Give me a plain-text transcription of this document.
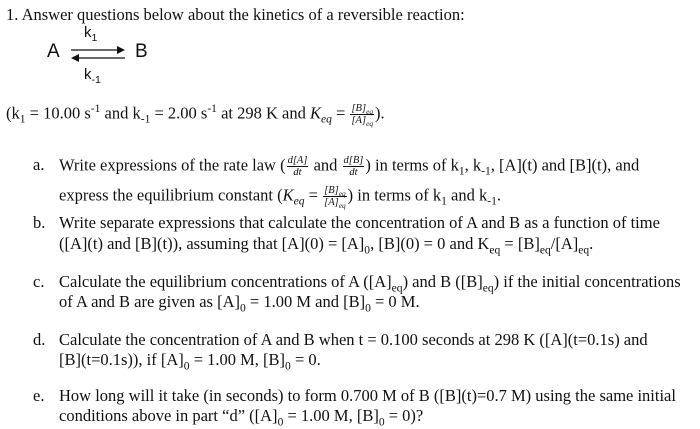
1. Answer questions below about the kinetics of a reversible reaction:
A
$k_1$
⇌ B
$k_{-1}$
($k_1 = 10.00$ $s^{-1}$ and $k_{-1} = 2.00$ $s^{-1}$ at 298 K and $K_{eq} = \frac{[B]_{eq}}{[A]_{eq}}$ ).
a. Write expressions of the rate law ( $\frac{d[A]}{dt}$ and $\frac{d[B]}{dt}$ ) in terms of $k_1$, $k_{-1}$, [A](t) and [B](t), and
express the equilibrium constant ($K_{eq} = \frac{[B]_{eq}}{[A]_{eq}}$ ) in terms of $k_1$ and $k_{-1}$.
b. Write separate expressions that calculate the concentration of A and B as a function of time
([A](t) and [B](t)), assuming that $[A](0) = [A]_0$, [B](0) = 0 and $K_{eq} = [B]_{eq}/[A]_{eq}$.
c. Calculate the equilibrium concentrations of A $([A]_{eq})$ and B $([B]_{eq})$ if the initial concentrations
of A and B are given as $[A]_0 = 1.00$ M and $[B]_0 = 0$ M.
d. Calculate the concentration of A and B when t = 0.100 seconds at 298 K ([A](t=0.1s) and
[B](t=0.1s)), if $[A]_0 = 1.00$ M, $[B]_0 = 0$.
e. How long will it take (in seconds) to form 0.700 M of B ([B](t)=0.7 M) using the same initial
conditions above in part “d” ($[A]_0 = 1.00$ M, $[B]_0 = 0$)?
